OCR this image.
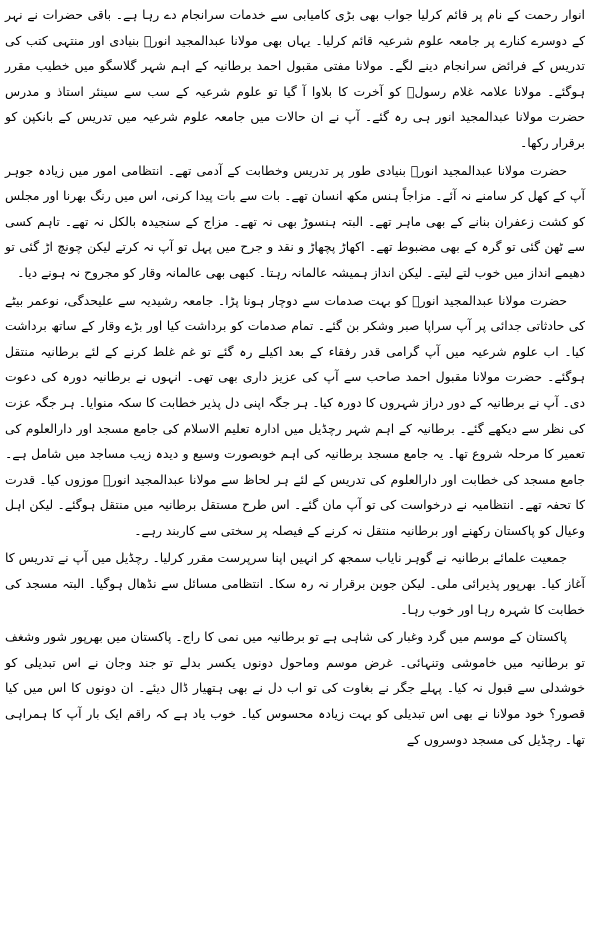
انوار رحمت کے نام پر قائم کرلیا جواب بھی بڑی کامیابی سے خدمات سرانجام دے رہا ہے۔ باقی حضرات نے نہر کے دوسرے کنارے پر جامعہ علوم شرعیہ قائم کرلیا۔ یہاں بھی مولانا عبدالمجید انورؒ بنیادی اور منتہی کتب کی تدریس کے فرائض سرانجام دینے لگے۔ مولانا مفتی مقبول احمد برطانیہ کے اہم شہر گلاسگو میں خطیب مقرر ہوگئے۔ مولانا علامہ غلام رسولؒ کو آخرت کا بلاوا آ گیا تو علوم شرعیہ کے سب سے سینئر استاذ و مدرس حضرت مولانا عبدالمجید انور ہی رہ گئے۔ آپ نے ان حالات میں جامعہ علوم شرعیہ میں تدریس کے بانکپن کو برقرار رکھا۔

حضرت مولانا عبدالمجید انورؒ بنیادی طور پر تدریس وخطابت کے آدمی تھے۔ انتظامی امور میں زیادہ جوہر آپ کے کھل کر سامنے نہ آئے۔ مزاجاً ہنس مکھ انسان تھے۔ بات سے بات پیدا کرنی، اس میں رنگ بھرنا اور مجلس کو کشت زعفران بنانے کے بھی ماہر تھے۔ البتہ ہنسوڑ بھی نہ تھے۔ مزاج کے سنجیدہ بالکل نہ تھے۔ تاہم کسی سے ٹھن گئی تو گرہ کے بھی مضبوط تھے۔ اکھاڑ پچھاڑ و نقد و جرح میں پہل تو آپ نہ کرتے لیکن چونچ اڑ گئی تو دھیمے انداز میں خوب لتے لیتے۔ لیکن انداز ہمیشہ عالمانہ رہتا۔ کبھی بھی عالمانہ وقار کو مجروح نہ ہونے دیا۔

حضرت مولانا عبدالمجید انورؒ کو بہت صدمات سے دوچار ہونا پڑا۔ جامعہ رشیدیہ سے علیحدگی، نوعمر بیٹے کی حادثاتی جدائی پر آپ سراپا صبر وشکر بن گئے۔ تمام صدمات کو برداشت کیا اور بڑے وقار کے ساتھ برداشت کیا۔ اب علوم شرعیہ میں آپ گرامی قدر رفقاء کے بعد اکیلے رہ گئے تو غم غلط کرنے کے لئے برطانیہ منتقل ہوگئے۔ حضرت مولانا مقبول احمد صاحب سے آپ کی عزیز داری بھی تھی۔ انہوں نے برطانیہ دورہ کی دعوت دی۔ آپ نے برطانیہ کے دور دراز شہروں کا دورہ کیا۔ ہر جگہ اپنی دل پذیر خطابت کا سکہ منوایا۔ ہر جگہ عزت کی نظر سے دیکھے گئے۔ برطانیہ کے اہم شہر رچڈیل میں ادارہ تعلیم الاسلام کی جامع مسجد اور دارالعلوم کی تعمیر کا مرحلہ شروع تھا۔ یہ جامع مسجد برطانیہ کی اہم خوبصورت وسیع و دیدہ زیب مساجد میں شامل ہے۔ جامع مسجد کی خطابت اور دارالعلوم کی تدریس کے لئے ہر لحاظ سے مولانا عبدالمجید انورؒ موزوں کیا۔ قدرت کا تحفہ تھے۔ انتظامیہ نے درخواست کی تو آپ مان گئے۔ اس طرح مستقل برطانیہ میں منتقل ہوگئے۔ لیکن اہل وعیال کو پاکستان رکھنے اور برطانیہ منتقل نہ کرنے کے فیصلہ پر سختی سے کاربند رہے۔

جمعیت علمائے برطانیہ نے گوہر نایاب سمجھ کر انہیں اپنا سرپرست مقرر کرلیا۔ رچڈیل میں آپ نے تدریس کا آغاز کیا۔ بھرپور پذیرائی ملی۔ لیکن جوبن برقرار نہ رہ سکا۔ انتظامی مسائل سے نڈھال ہوگیا۔ البتہ مسجد کی خطابت کا شہرہ رہا اور خوب رہا۔

پاکستان کے موسم میں گرد وغبار کی شاہی ہے تو برطانیہ میں نمی کا راج۔ پاکستان میں بھرپور شور وشغف تو برطانیہ میں خاموشی وتنہائی۔ غرض موسم وماحول دونوں یکسر بدلے تو جند وجان نے اس تبدیلی کو خوشدلی سے قبول نہ کیا۔ پہلے جگر نے بغاوت کی تو اب دل نے بھی ہتھیار ڈال دیئے۔ ان دونوں کا اس میں کیا قصور؟ خود مولانا نے بھی اس تبدیلی کو بہت زیادہ محسوس کیا۔ خوب یاد ہے کہ راقم ایک بار آپ کا ہمراہی تھا۔ رچڈیل کی مسجد دوسروں کے
